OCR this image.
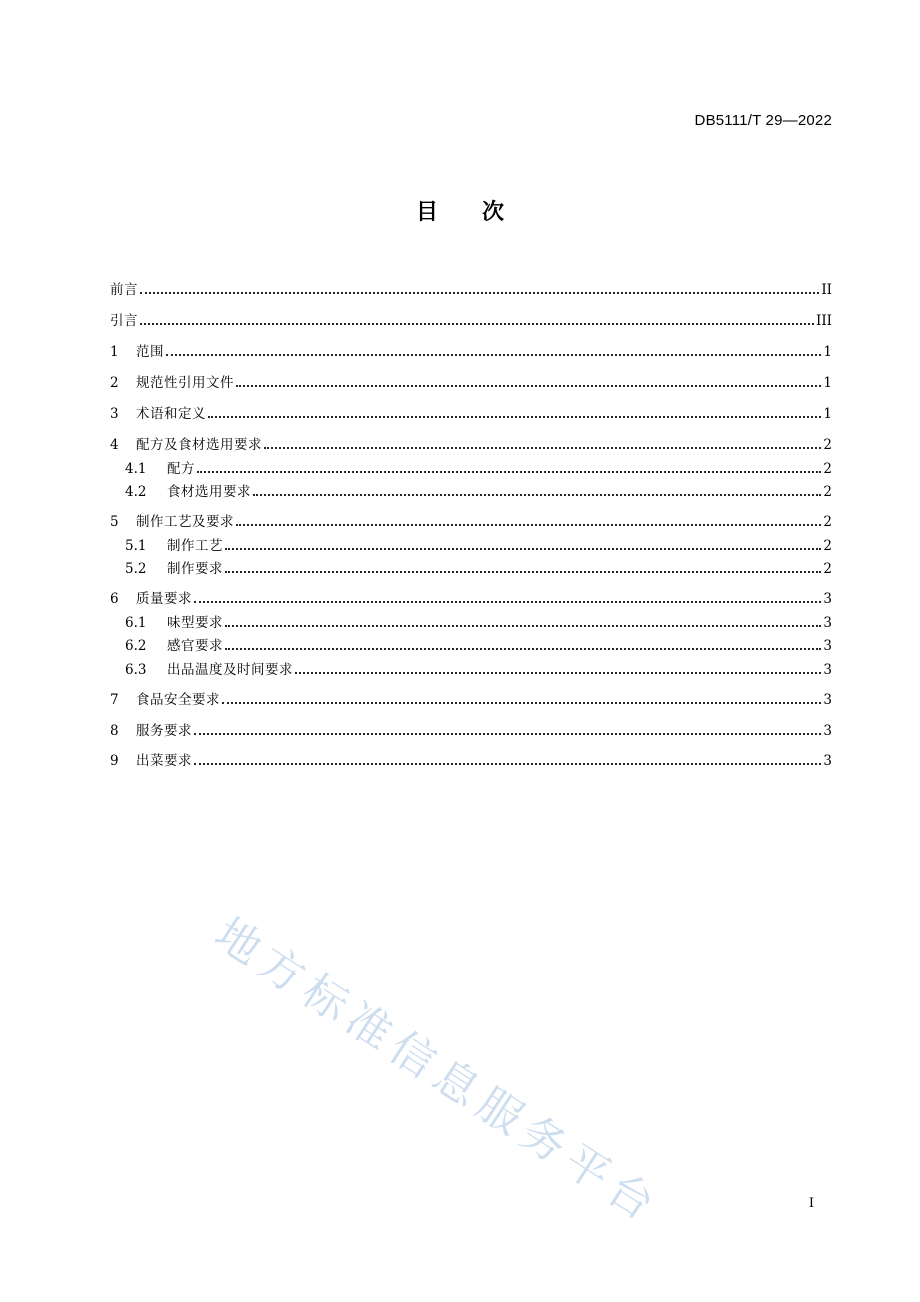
DB5111/T 29—2022
目次
前言	II
引言	III
1	范围	1
2	规范性引用文件	1
3	术语和定义	1
4	配方及食材选用要求	2
4.1	配方	2
4.2	食材选用要求	2
5	制作工艺及要求	2
5.1	制作工艺	2
5.2	制作要求	2
6	质量要求	3
6.1	味型要求	3
6.2	感官要求	3
6.3	出品温度及时间要求	3
7	食品安全要求	3
8	服务要求	3
9	出菜要求	3
地方标准信息服务平台	I
